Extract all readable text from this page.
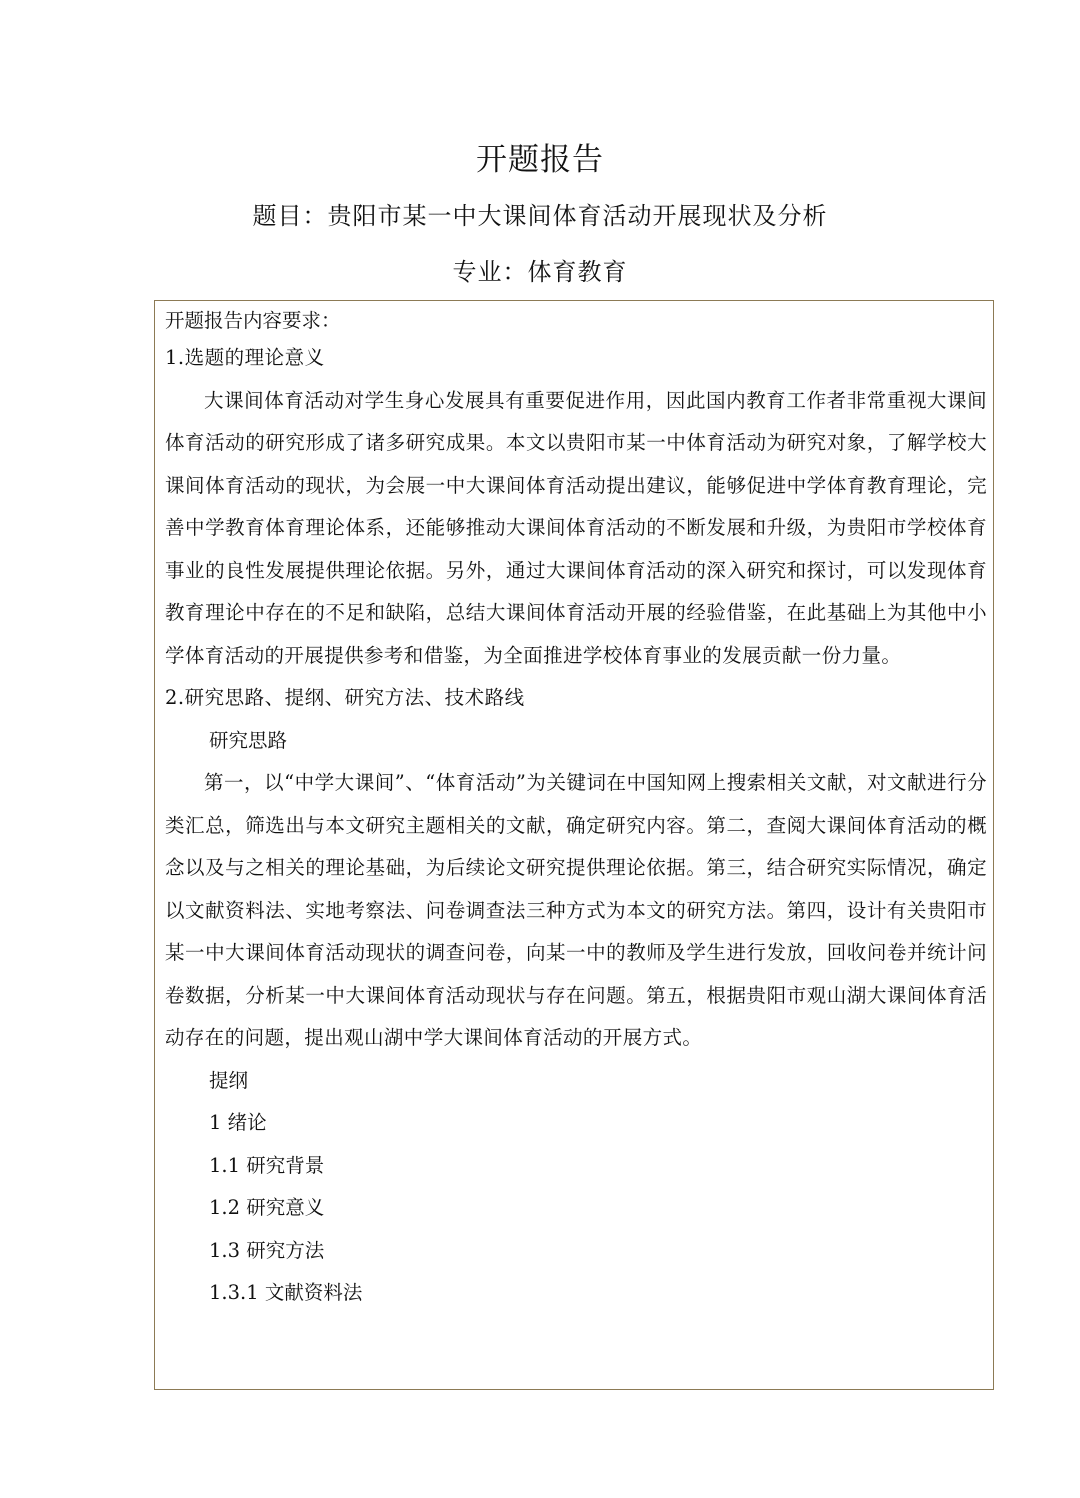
开题报告
题目：贵阳市某一中大课间体育活动开展现状及分析
专业：体育教育

开题报告内容要求：

1.选题的理论意义

大课间体育活动对学生身心发展具有重要促进作用，因此国内教育工作者非常重视大课间体育活动的研究形成了诸多研究成果。本文以贵阳市某一中体育活动为研究对象，了解学校大课间体育活动的现状，为会展一中大课间体育活动提出建议，能够促进中学体育教育理论，完善中学教育体育理论体系，还能够推动大课间体育活动的不断发展和升级，为贵阳市学校体育事业的良性发展提供理论依据。另外，通过大课间体育活动的深入研究和探讨，可以发现体育教育理论中存在的不足和缺陷，总结大课间体育活动开展的经验借鉴，在此基础上为其他中小学体育活动的开展提供参考和借鉴，为全面推进学校体育事业的发展贡献一份力量。

2.研究思路、提纲、研究方法、技术路线

研究思路

第一，以“中学大课间”、“体育活动”为关键词在中国知网上搜索相关文献，对文献进行分类汇总，筛选出与本文研究主题相关的文献，确定研究内容。第二，查阅大课间体育活动的概念以及与之相关的理论基础，为后续论文研究提供理论依据。第三，结合研究实际情况，确定以文献资料法、实地考察法、问卷调查法三种方式为本文的研究方法。第四，设计有关贵阳市某一中大课间体育活动现状的调查问卷，向某一中的教师及学生进行发放，回收问卷并统计问卷数据，分析某一中大课间体育活动现状与存在问题。第五，根据贵阳市观山湖大课间体育活动存在的问题，提出观山湖中学大课间体育活动的开展方式。

提纲

1 绪论

1.1 研究背景

1.2 研究意义

1.3 研究方法

1.3.1 文献资料法
